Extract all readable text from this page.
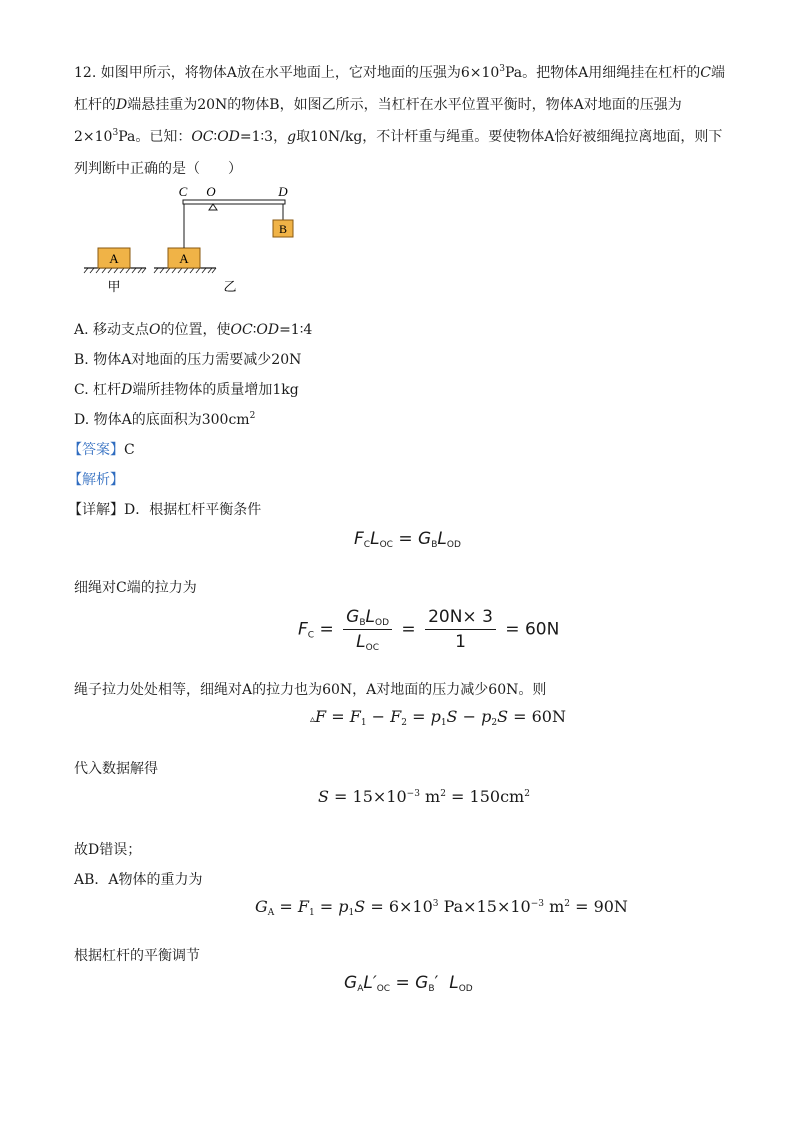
12. 如图甲所示，将物体A放在水平地面上，它对地面的压强为$6\times 10^3Pa$。把物体A用细绳挂在杠杆的C端
杠杆的D端悬挂重为20N的物体B，如图乙所示，当杠杆在水平位置平衡时，物体A对地面的压强为
$2\times 10^3Pa$。已知：OC∶OD=1∶3，g取10N/kg，不计杆重与绳重。要使物体A恰好被细绳拉离地面，则下
列判断中正确的是（　　）
A
甲
A
B
C O	D
乙
A. 移动支点O的位置，使OC∶OD=1∶4
B. 物体A对地面的压力需要减少20N
C. 杠杆D端所挂物体的质量增加1kg
D. 物体A的底面积为$300cm^2$
【答案】C
【解析】
【详解】D．根据杠杆平衡条件
$F_CL_{OC} = G_BL_{OD}$
细绳对C端的拉力为
$F_C = \frac{G_BL_{OD}}{L_{OC}} = \frac{20N\times 3}{1} = 60N$
绳子拉力处处相等，细绳对A的拉力也为60N，A对地面的压力减少60N。则
▵F = $F_1 - F_2 = p_1S - p_2S = 60N$
代入数据解得
$S = 15\times 10^{-3}$ $m^2 = 150cm^2$
故D错误；
AB．A物体的重力为
$G_A = F_1 = p_1S = 6\times 10^3$ $Pa\times 15\times 10^{-3}$ $m^2 = 90N$
根据杠杆的平衡调节
$G_AL'_{OC} = G_B'$ $L_{OD}$
